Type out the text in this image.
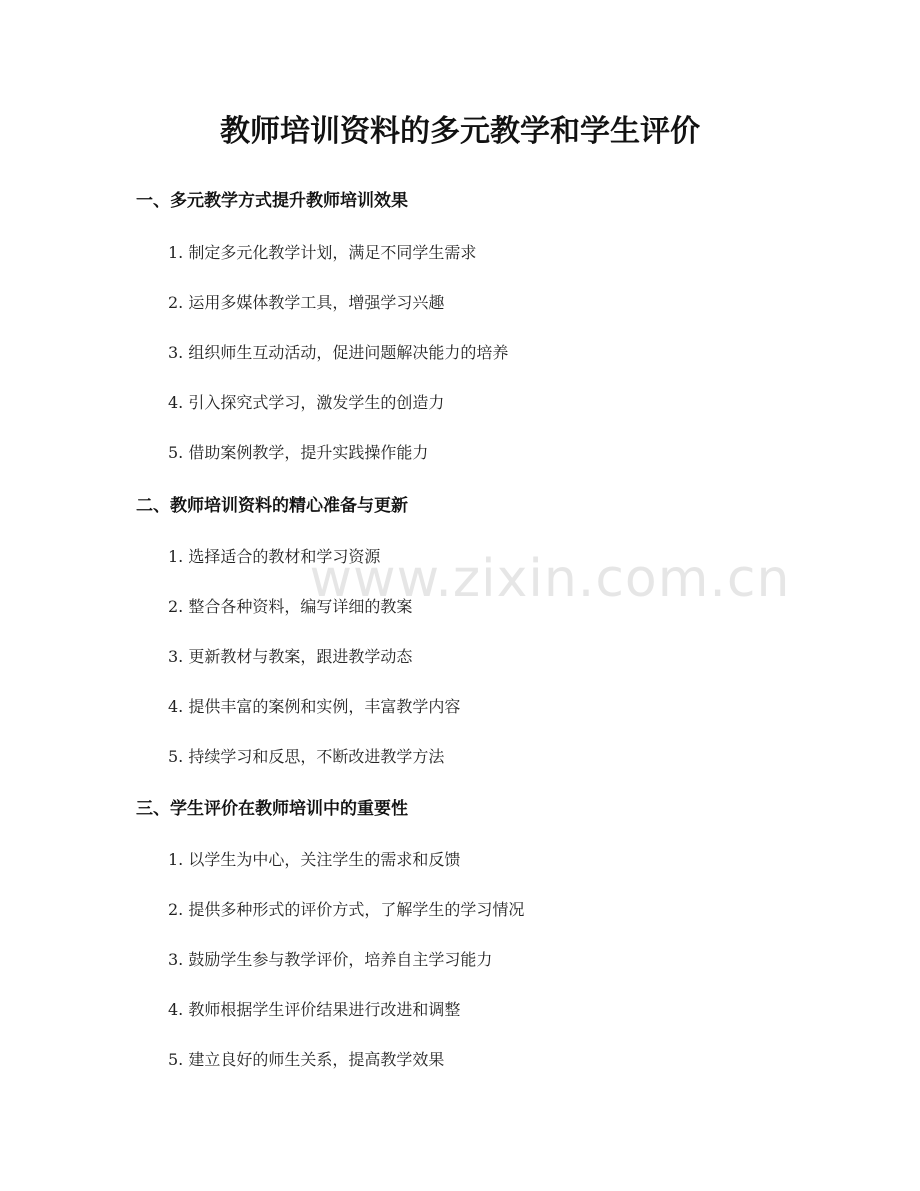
教师培训资料的多元教学和学生评价
一、多元教学方式提升教师培训效果

1. 制定多元化教学计划，满足不同学生需求

2. 运用多媒体教学工具，增强学习兴趣

3. 组织师生互动活动，促进问题解决能力的培养

4. 引入探究式学习，激发学生的创造力

5. 借助案例教学，提升实践操作能力

二、教师培训资料的精心准备与更新

1. 选择适合的教材和学习资源

2. 整合各种资料，编写详细的教案

3. 更新教材与教案，跟进教学动态

4. 提供丰富的案例和实例，丰富教学内容

5. 持续学习和反思，不断改进教学方法

三、学生评价在教师培训中的重要性

1. 以学生为中心，关注学生的需求和反馈

2. 提供多种形式的评价方式，了解学生的学习情况

3. 鼓励学生参与教学评价，培养自主学习能力

4. 教师根据学生评价结果进行改进和调整

5. 建立良好的师生关系，提高教学效果

www.zixin.com.cn
